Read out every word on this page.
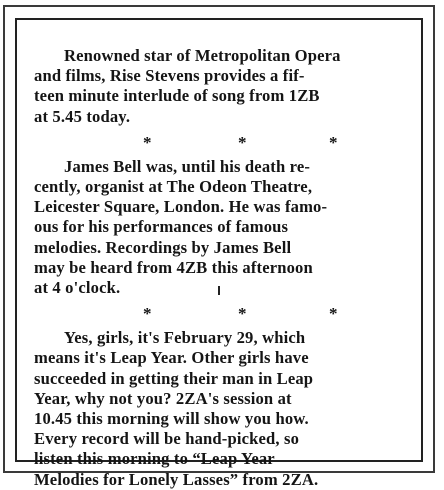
Renowned star of Metropolitan Opera
and films, Rise Stevens provides a fif-
teen minute interlude of song from 1ZB
at 5.45 today.

*	*	*

James Bell was, until his death re-
cently, organist at The Odeon Theatre,
Leicester Square, London. He was famo-
ous for his performances of famous
melodies. Recordings by James Bell
may be heard from 4ZB this afternoon
at 4 o'clock.

*	*	*

Yes, girls, it's February 29, which
means it's Leap Year. Other girls have
succeeded in getting their man in Leap
Year, why not you? 2ZA's session at
10.45 this morning will show you how.
Every record will be hand-picked, so
listen this morning to “Leap Year
Melodies for Lonely Lasses” from 2ZA.
